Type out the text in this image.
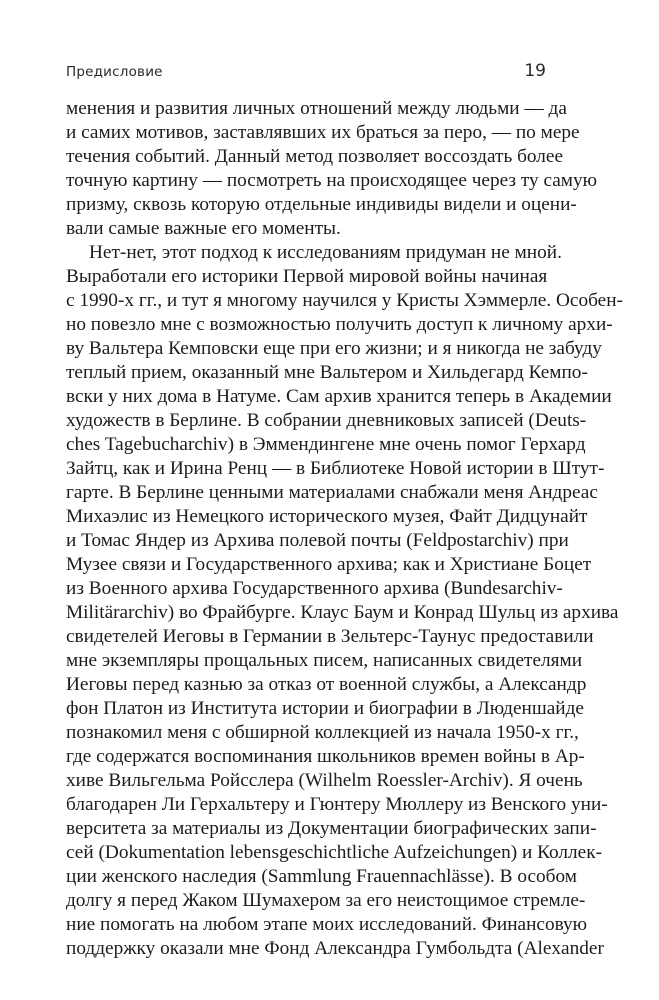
Предисловие	19
менения и развития личных отношений между людьми — да
и самих мотивов, заставлявших их браться за перо, — по мере
течения событий. Данный метод позволяет воссоздать более
точную картину — посмотреть на происходящее через ту самую
призму, сквозь которую отдельные индивиды видели и оцени-
вали самые важные его моменты.
Нет-нет, этот подход к исследованиям придуман не мной.
Выработали его историки Первой мировой войны начиная
с 1990-х гг., и тут я многому научился у Кристы Хэммерле. Особен-
но повезло мне с возможностью получить доступ к личному архи-
ву Вальтера Кемповски еще при его жизни; и я никогда не забуду
теплый прием, оказанный мне Вальтером и Хильдегард Кемпо-
вски у них дома в Натуме. Сам архив хранится теперь в Академии
художеств в Берлине. В собрании дневниковых записей (Deuts-
ches Tagebucharchiv) в Эммендингене мне очень помог Герхард
Зайтц, как и Ирина Ренц — в Библиотеке Новой истории в Штут-
гарте. В Берлине ценными материалами снабжали меня Андреас
Михаэлис из Немецкого исторического музея, Файт Дидцунайт
и Томас Яндер из Архива полевой почты (Feldpostarchiv) при
Музее связи и Государственного архива; как и Христиане Боцет
из Военного архива Государственного архива (Bundesarchiv-
Militärarchiv) во Фрайбурге. Клаус Баум и Конрад Шульц из архива
свидетелей Иеговы в Германии в Зельтерс-Таунус предоставили
мне экземпляры прощальных писем, написанных свидетелями
Иеговы перед казнью за отказ от военной службы, а Александр
фон Платон из Института истории и биографии в Люденшайде
познакомил меня с обширной коллекцией из начала 1950-х гг.,
где содержатся воспоминания школьников времен войны в Ар-
хиве Вильгельма Ройсслера (Wilhelm Roessler-Archiv). Я очень
благодарен Ли Герхальтеру и Гюнтеру Мюллеру из Венского уни-
верситета за материалы из Документации биографических запи-
сей (Dokumentation lebensgeschichtliche Aufzeichungen) и Коллек-
ции женского наследия (Sammlung Frauennachlässe). В особом
долгу я перед Жаком Шумахером за его неистощимое стремле-
ние помогать на любом этапе моих исследований. Финансовую
поддержку оказали мне Фонд Александра Гумбольдта (Alexander
